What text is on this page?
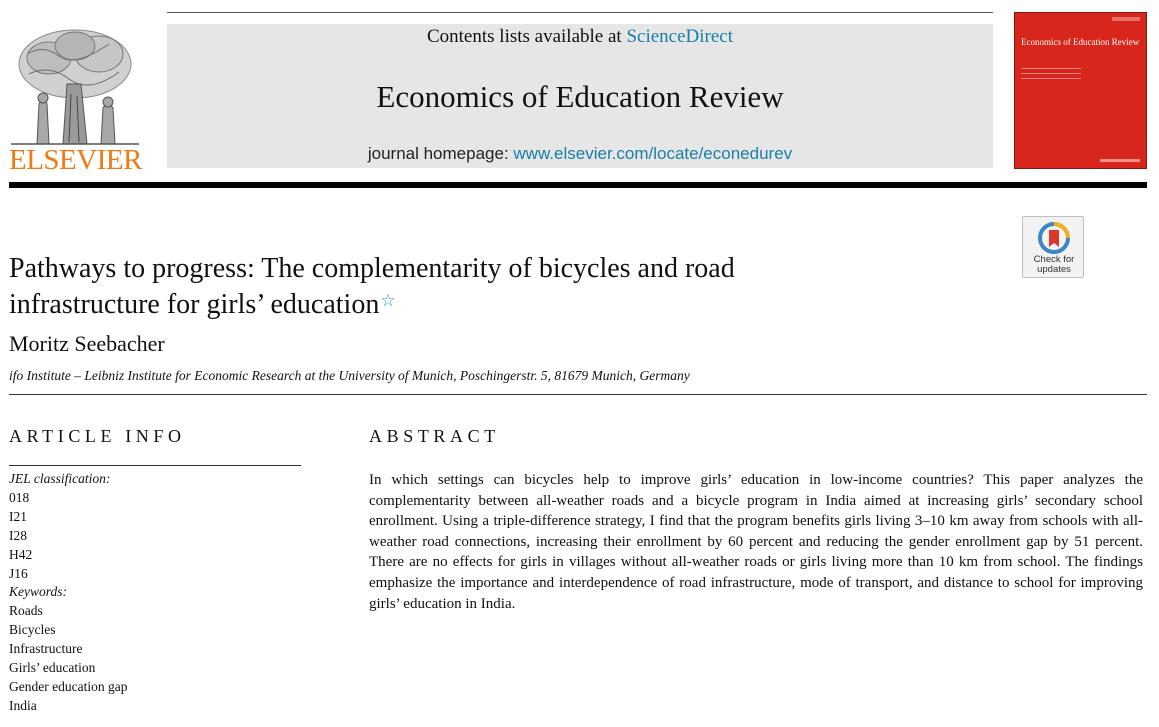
ELSEVIER
Contents lists available at ScienceDirect
Economics of Education Review
journal homepage: www.elsevier.com/locate/econedurev
Economics of Education Review
Check for
updates
Pathways to progress: The complementarity of bicycles and road
infrastructure for girls’ education☆
Moritz Seebacher
ifo Institute – Leibniz Institute for Economic Research at the University of Munich, Poschingerstr. 5, 81679 Munich, Germany
ARTICLE INFO
JEL classification:
018
I21
I28
H42
J16
Keywords:
Roads
Bicycles
Infrastructure
Girls’ education
Gender education gap
India
ABSTRACT

In which settings can bicycles help to improve girls’ education in low-income countries? This paper analyzes the complementarity between all-weather roads and a bicycle program in India aimed at increasing girls’ secondary school enrollment. Using a triple-difference strategy, I find that the program benefits girls living 3–10 km away from schools with all-weather road connections, increasing their enrollment by 60 percent and reducing the gender enrollment gap by 51 percent. There are no effects for girls in villages without all-weather roads or girls living more than 10 km from school. The findings emphasize the importance and interdependence of road infrastructure, mode of transport, and distance to school for improving girls’ education in India.
